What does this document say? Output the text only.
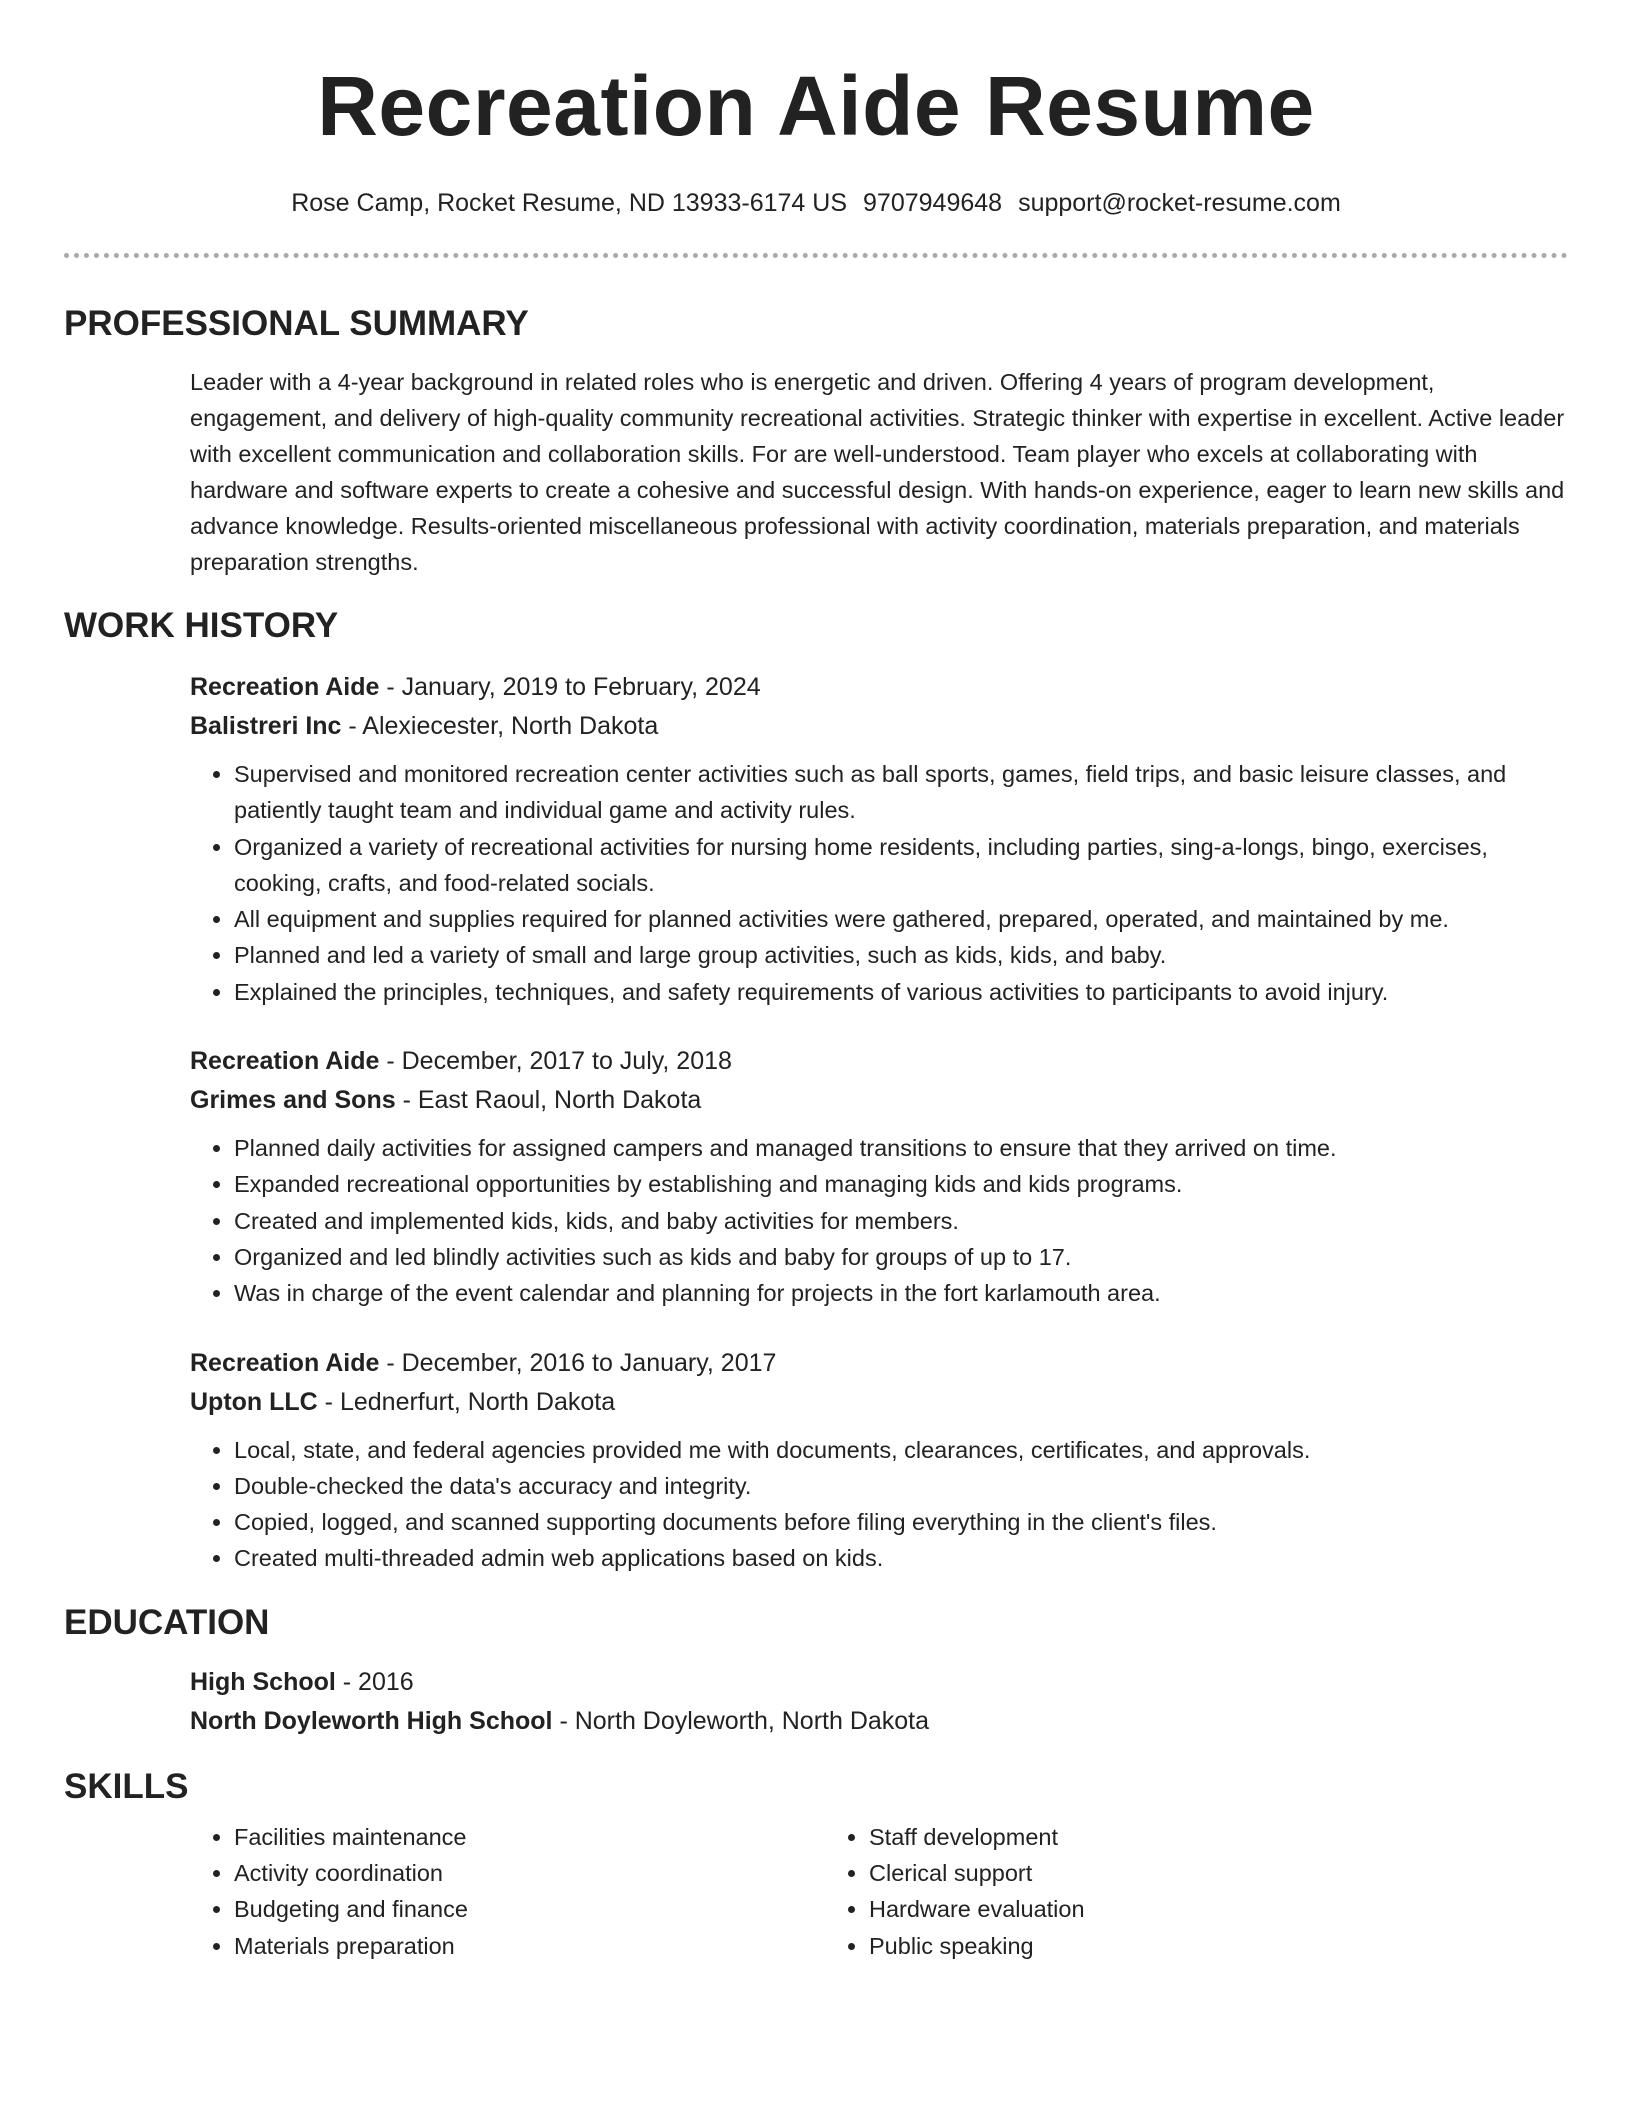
Recreation Aide Resume
Rose Camp, Rocket Resume, ND 13933-6174 US 9707949648 support@rocket-resume.com
PROFESSIONAL SUMMARY
Leader with a 4-year background in related roles who is energetic and driven. Offering 4 years of program development, engagement, and delivery of high-quality community recreational activities. Strategic thinker with expertise in excellent. Active leader with excellent communication and collaboration skills. For are well-understood. Team player who excels at collaborating with hardware and software experts to create a cohesive and successful design. With hands-on experience, eager to learn new skills and advance knowledge. Results-oriented miscellaneous professional with activity coordination, materials preparation, and materials preparation strengths.
WORK HISTORY
Recreation Aide - January, 2019 to February, 2024
Balistreri Inc - Alexiecester, North Dakota
• Supervised and monitored recreation center activities such as ball sports, games, field trips, and basic leisure classes, and patiently taught team and individual game and activity rules.
• Organized a variety of recreational activities for nursing home residents, including parties, sing-a-longs, bingo, exercises, cooking, crafts, and food-related socials.
• All equipment and supplies required for planned activities were gathered, prepared, operated, and maintained by me.
• Planned and led a variety of small and large group activities, such as kids, kids, and baby.
• Explained the principles, techniques, and safety requirements of various activities to participants to avoid injury.
Recreation Aide - December, 2017 to July, 2018
Grimes and Sons - East Raoul, North Dakota
• Planned daily activities for assigned campers and managed transitions to ensure that they arrived on time.
• Expanded recreational opportunities by establishing and managing kids and kids programs.
• Created and implemented kids, kids, and baby activities for members.
• Organized and led blindly activities such as kids and baby for groups of up to 17.
• Was in charge of the event calendar and planning for projects in the fort karlamouth area.
Recreation Aide - December, 2016 to January, 2017
Upton LLC - Lednerfurt, North Dakota
• Local, state, and federal agencies provided me with documents, clearances, certificates, and approvals.
• Double-checked the data's accuracy and integrity.
• Copied, logged, and scanned supporting documents before filing everything in the client's files.
• Created multi-threaded admin web applications based on kids.
EDUCATION
High School - 2016
North Doyleworth High School - North Doyleworth, North Dakota
SKILLS
• Facilities maintenance
• Activity coordination
• Budgeting and finance
• Materials preparation
• Staff development
• Clerical support
• Hardware evaluation
• Public speaking
